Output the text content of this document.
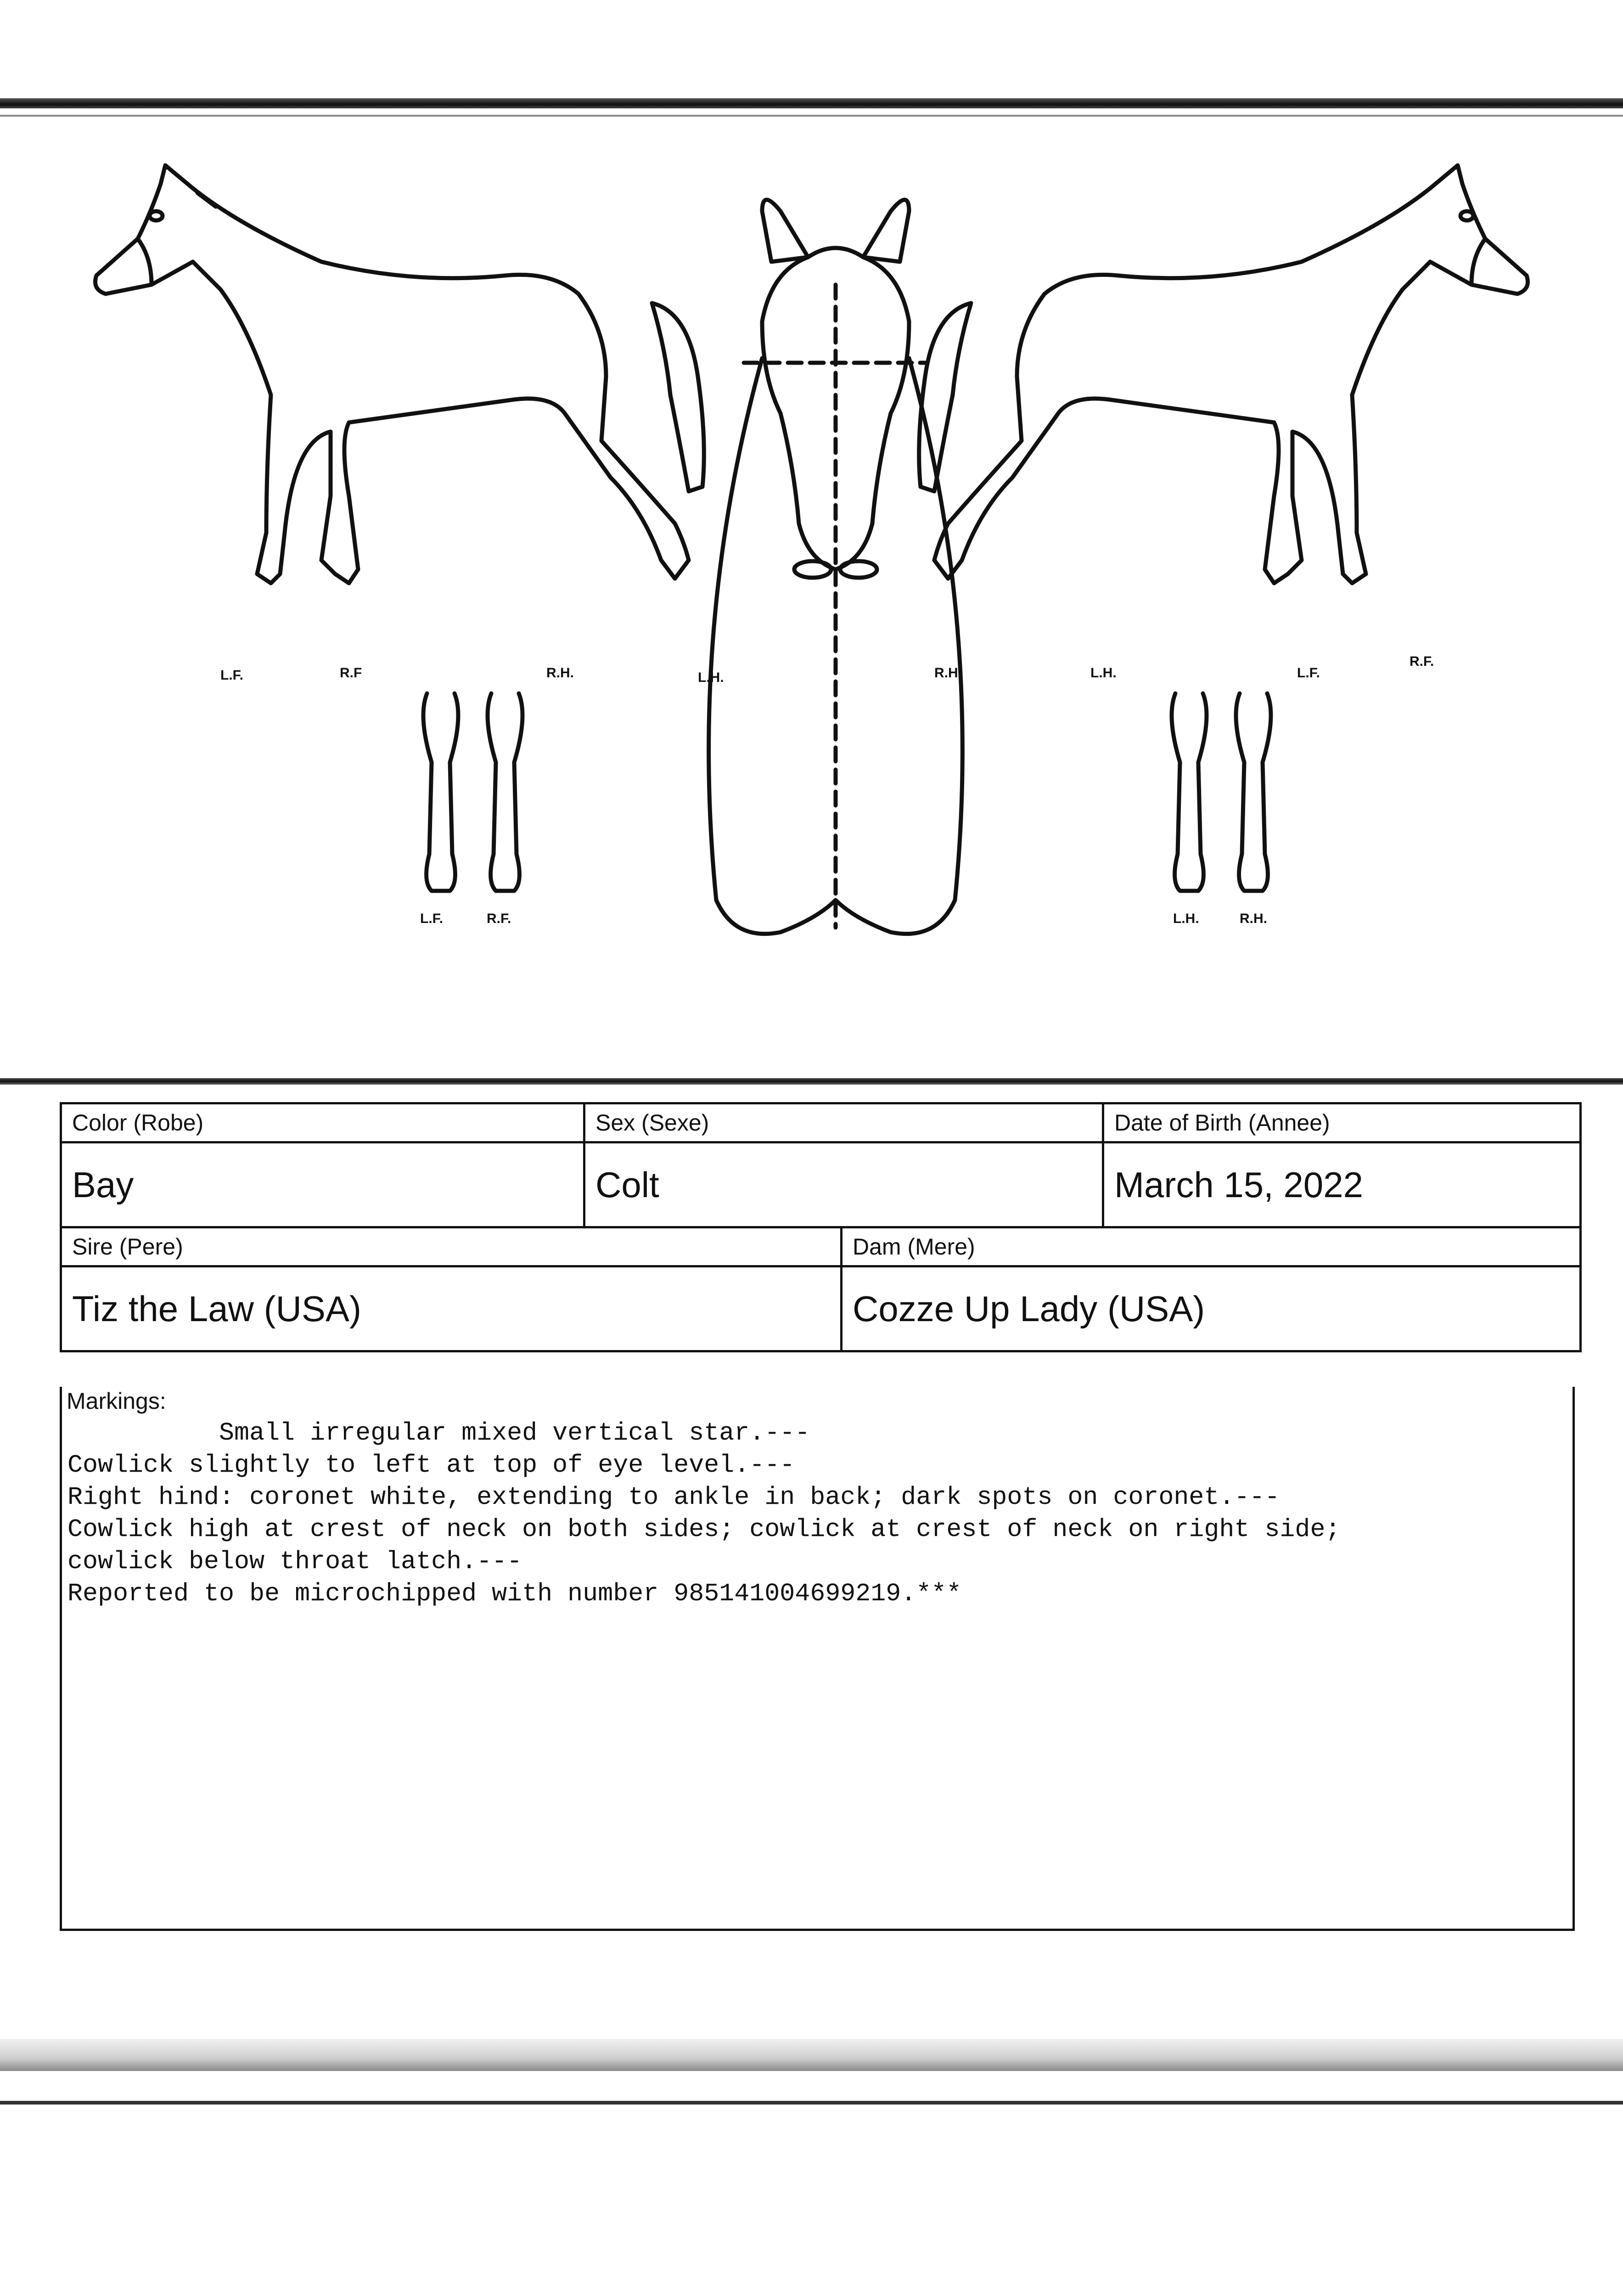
L.F.	R.F	R.H.	L.H.	R.H.	L.H.	L.F.
R.F.
L.F.	R.F.	L.H.	R.H.
Color (Robe)	Sex (Sexe)		Date of Birth (Annee)
Bay	Colt		March 15, 2022
Sire (Pere)		Dam (Mere)	
Tiz the Law (USA)		Cozze Up Lady (USA)	
Markings:
Small irregular mixed vertical star.---
Cowlick slightly to left at top of eye level.---
Right hind: coronet white, extending to ankle in back; dark spots on coronet.---
Cowlick high at crest of neck on both sides; cowlick at crest of neck on right side;
cowlick below throat latch.---
Reported to be microchipped with number 985141004699219.***
